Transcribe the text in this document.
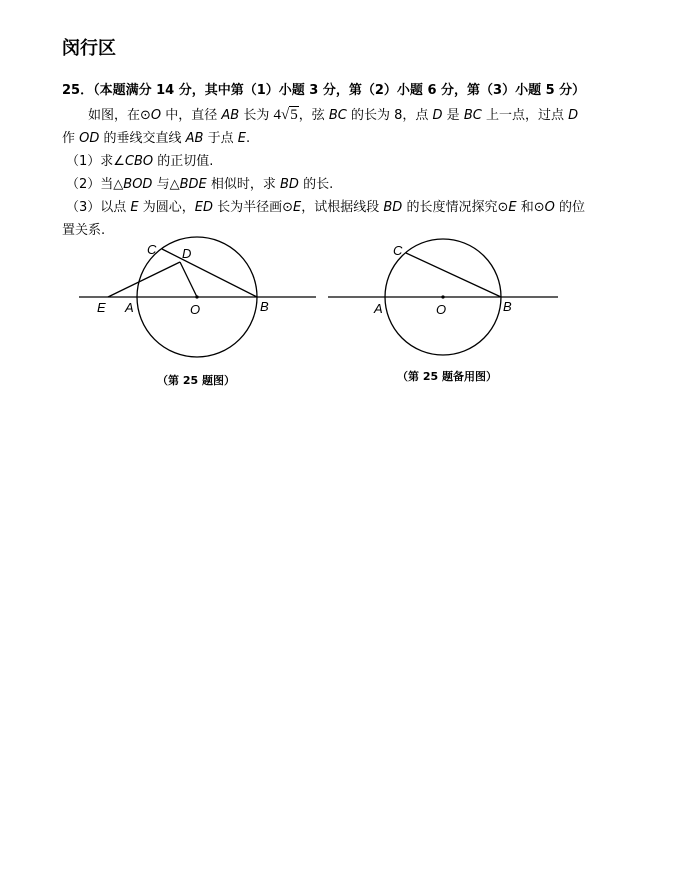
闵行区
25．（本题满分 14 分，其中第（1）小题 3 分，第（2）小题 6 分，第（3）小题 5 分）
如图，在⊙O 中，直径 AB 长为 4√5，弦 BC 的长为 8，点 D 是 BC 上一点，过点 D
作 OD 的垂线交直线 AB 于点 E.
（1）求∠CBO 的正切值.
（2）当△BOD 与△BDE 相似时，求 BD 的长.
（3）以点 E 为圆心，ED 长为半径画⊙E，试根据线段 BD 的长度情况探究⊙E 和⊙O 的位
置关系.
C D
E A	O	B
（第 25 题图）
C
A	O	B
（第 25 题备用图）
